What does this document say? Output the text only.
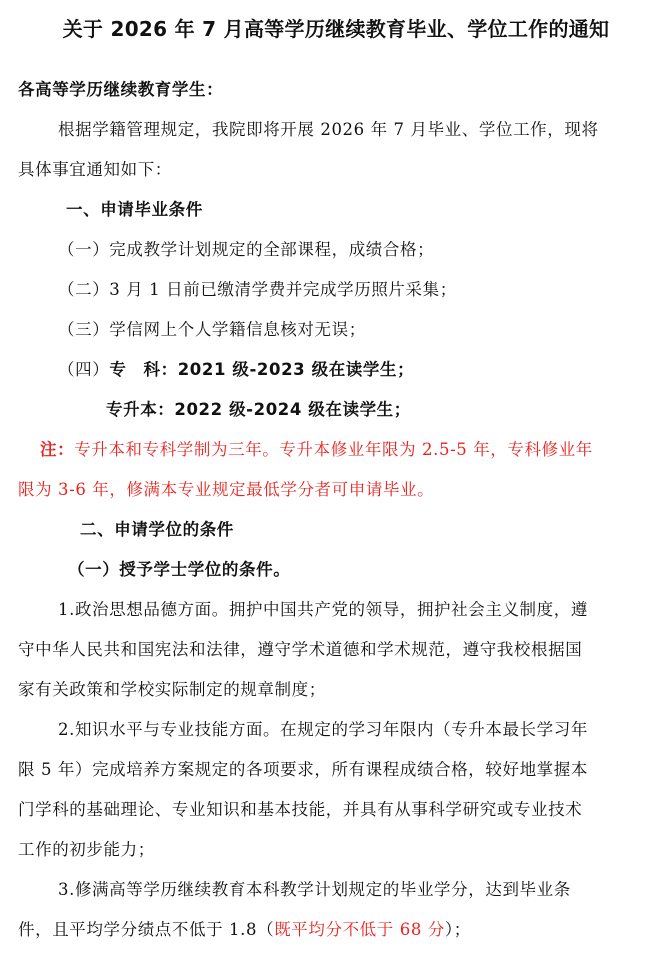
关于 2026 年 7 月高等学历继续教育毕业、学位工作的通知
各高等学历继续教育学生：
根据学籍管理规定，我院即将开展 2026 年 7 月毕业、学位工作，现将
具体事宜通知如下：
一、申请毕业条件
（一）完成教学计划规定的全部课程，成绩合格；
（二）3 月 1 日前已缴清学费并完成学历照片采集；
（三）学信网上个人学籍信息核对无误；
（四）专　科：2021 级-2023 级在读学生；
专升本：2022 级-2024 级在读学生；
注：专升本和专科学制为三年。专升本修业年限为 2.5-5 年，专科修业年
限为 3-6 年，修满本专业规定最低学分者可申请毕业。
二、申请学位的条件
（一）授予学士学位的条件。
1.政治思想品德方面。拥护中国共产党的领导，拥护社会主义制度，遵
守中华人民共和国宪法和法律，遵守学术道德和学术规范，遵守我校根据国
家有关政策和学校实际制定的规章制度；
2.知识水平与专业技能方面。在规定的学习年限内（专升本最长学习年
限 5 年）完成培养方案规定的各项要求，所有课程成绩合格，较好地掌握本
门学科的基础理论、专业知识和基本技能，并具有从事科学研究或专业技术
工作的初步能力；
3.修满高等学历继续教育本科教学计划规定的毕业学分，达到毕业条
件，且平均学分绩点不低于 1.8（既平均分不低于 68 分）；
